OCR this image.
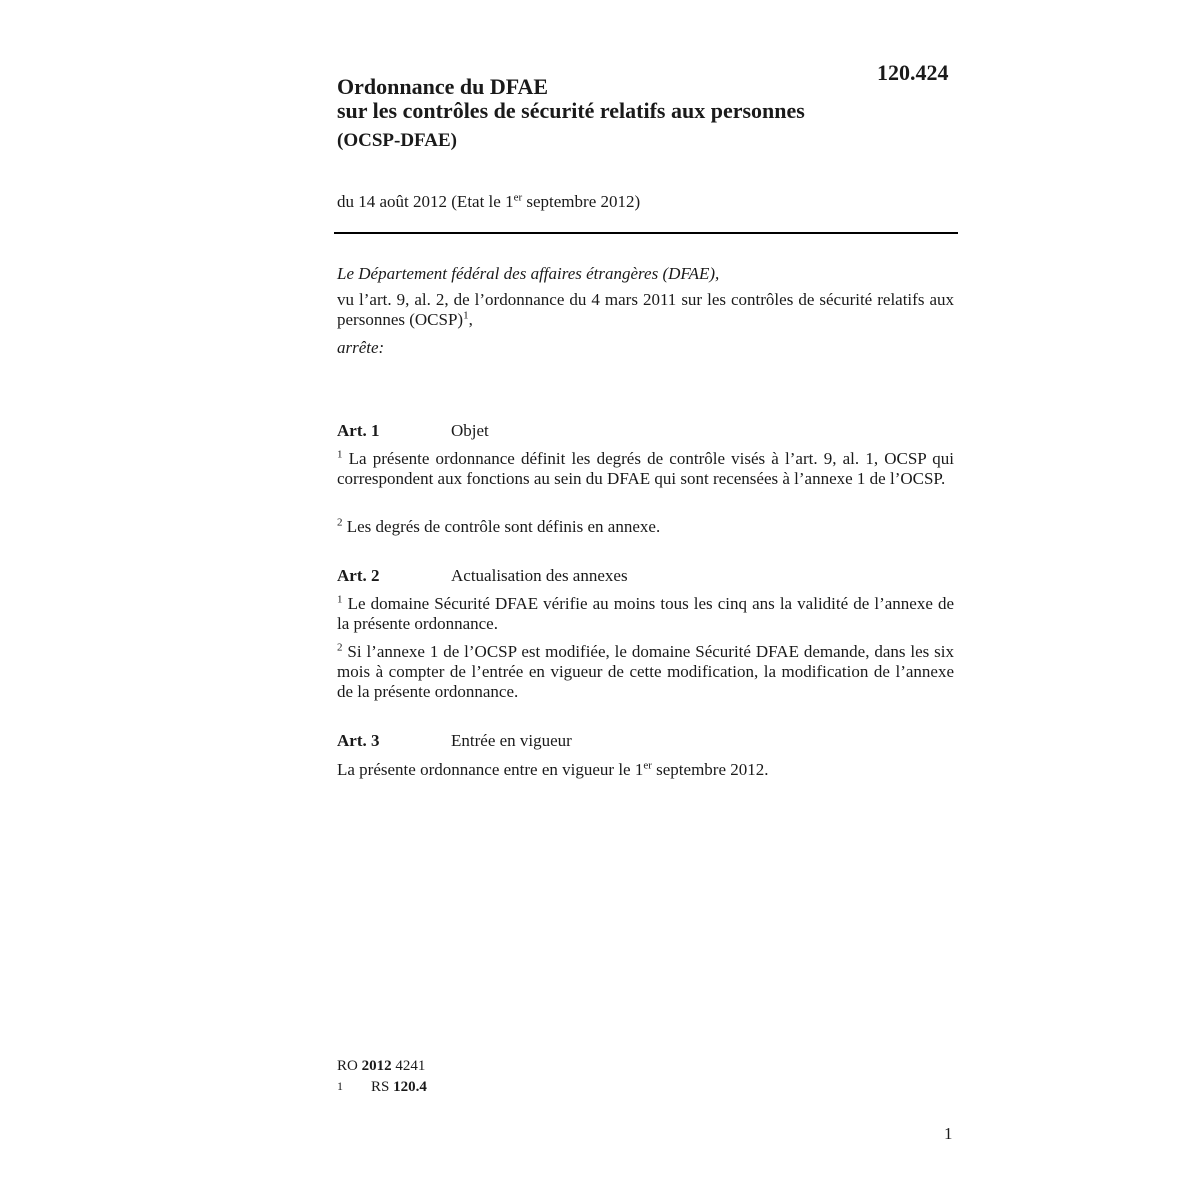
120.424
Ordonnance du DFAE
sur les contrôles de sécurité relatifs aux personnes
(OCSP-DFAE)
du 14 août 2012 (Etat le 1er septembre 2012)
Le Département fédéral des affaires étrangères (DFAE),
vu l’art. 9, al. 2, de l’ordonnance du 4 mars 2011 sur les contrôles de sécurité relatifs aux personnes (OCSP)$^1$,
arrête:
Art. 1	Objet
$^1$ La présente ordonnance définit les degrés de contrôle visés à l’art. 9, al. 1, OCSP qui correspondent aux fonctions au sein du DFAE qui sont recensées à l’annexe 1 de l’OCSP.
$^2$ Les degrés de contrôle sont définis en annexe.
Art. 2	Actualisation des annexes
$^1$ Le domaine Sécurité DFAE vérifie au moins tous les cinq ans la validité de l’annexe de la présente ordonnance.
$^2$ Si l’annexe 1 de l’OCSP est modifiée, le domaine Sécurité DFAE demande, dans les six mois à compter de l’entrée en vigueur de cette modification, la modification de l’annexe de la présente ordonnance.
Art. 3	Entrée en vigueur
La présente ordonnance entre en vigueur le 1er septembre 2012.
RO 2012 4241
1 RS 120.4
1
